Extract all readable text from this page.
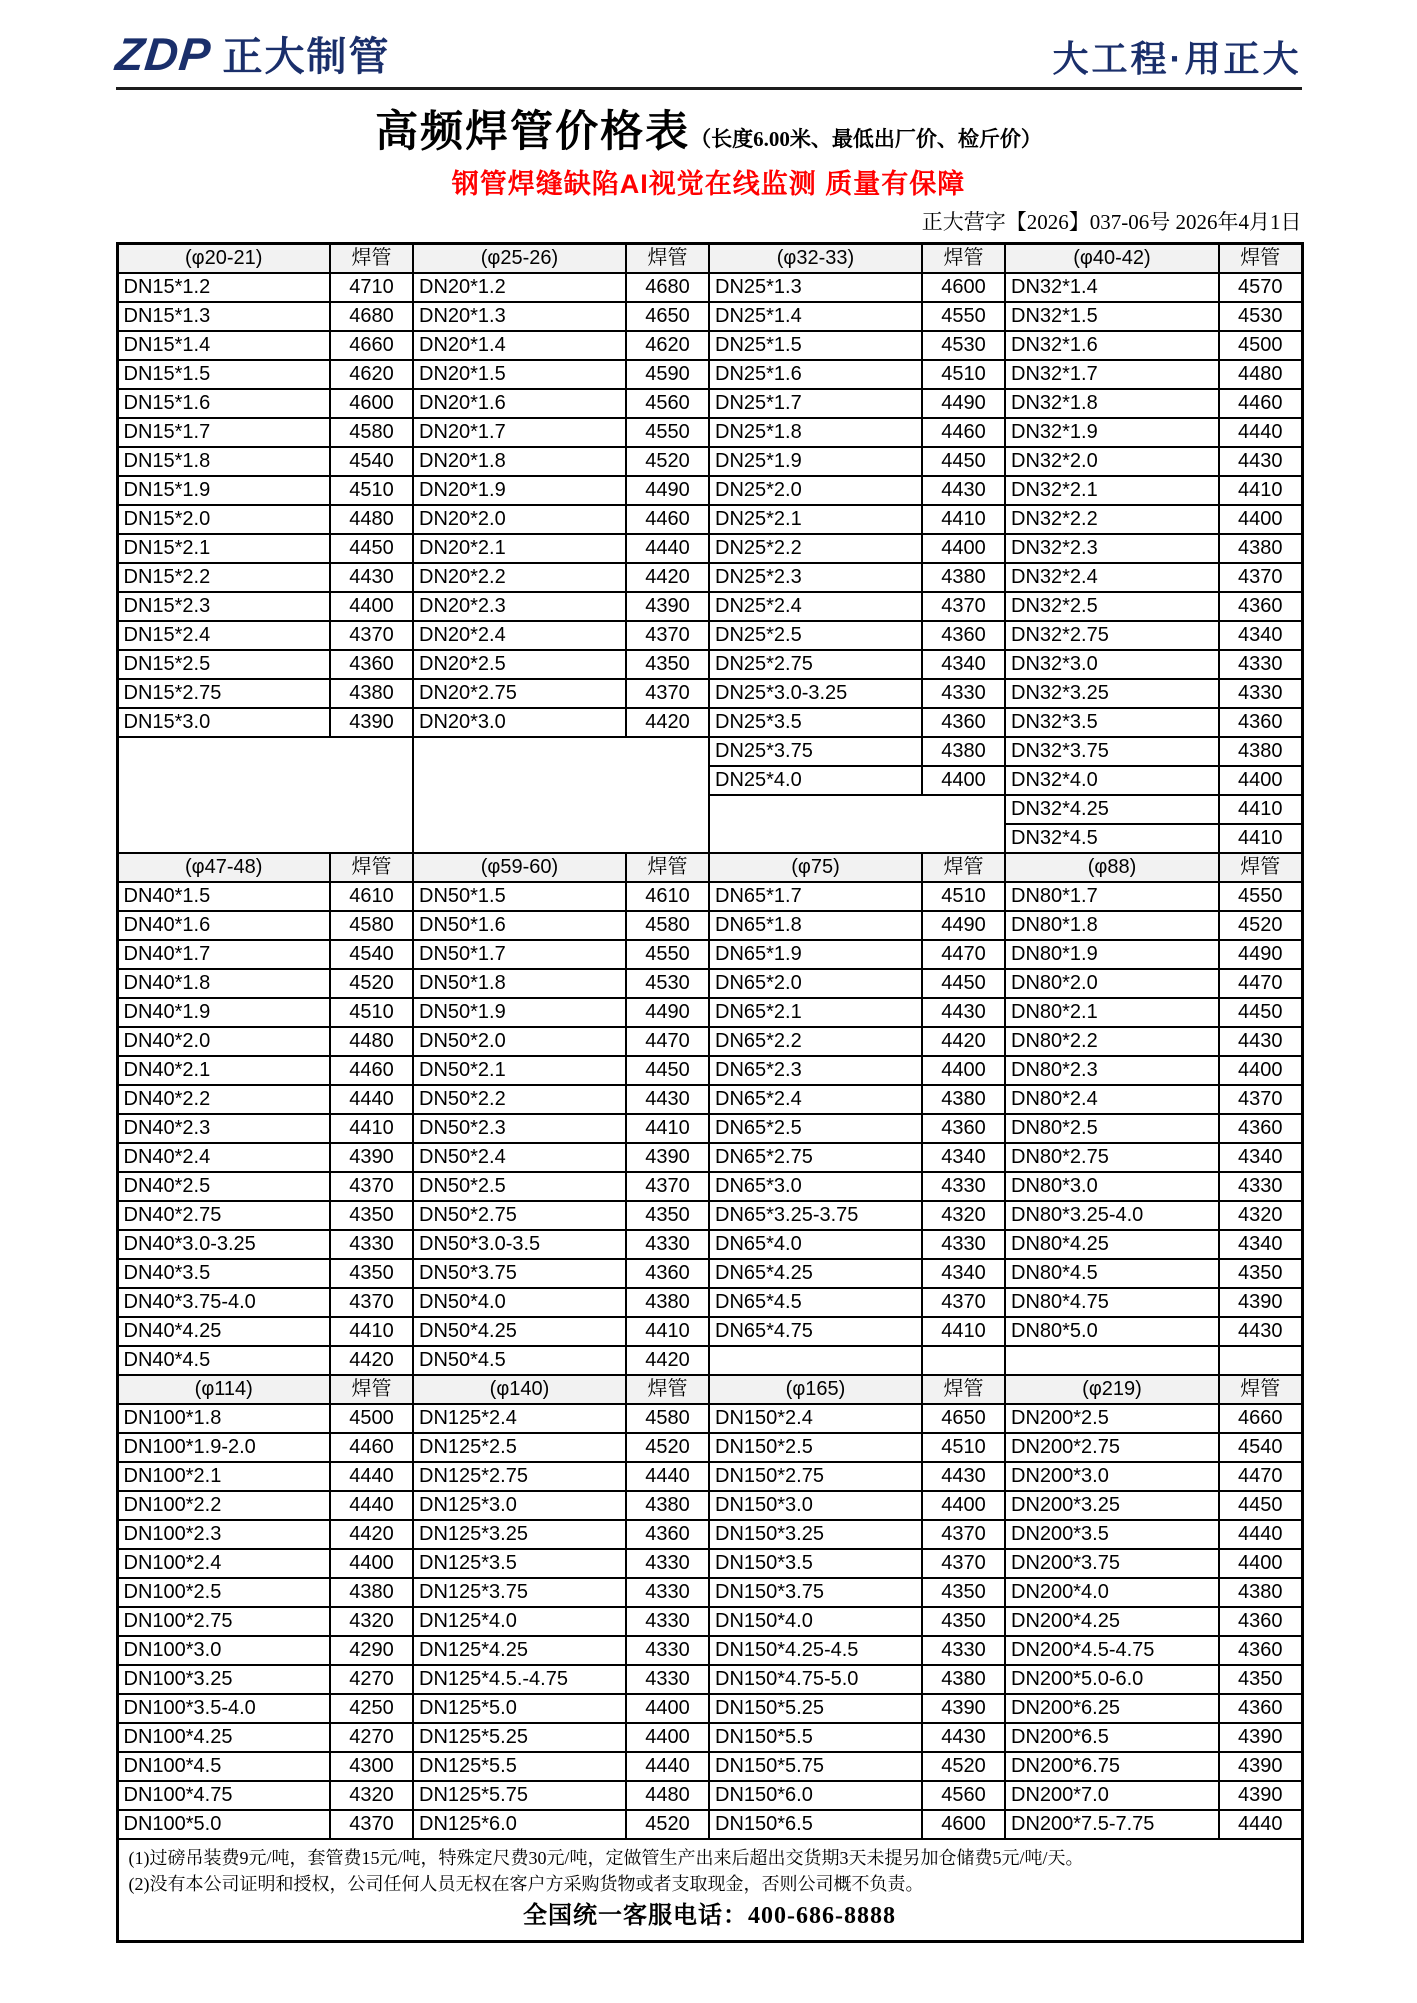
ZDP 正大制管	大工程·用正大
高频焊管价格表（长度6.00米、最低出厂价、检斤价）
钢管焊缝缺陷AI视觉在线监测 质量有保障
正大营字【2026】037-06号 2026年4月1日
(φ20-21)	焊管	(φ25-26)	焊管	(φ32-33)	焊管	(φ40-42)	焊管
DN15*1.2	4710	DN20*1.2	4680	DN25*1.3	4600	DN32*1.4	4570
DN15*1.3	4680	DN20*1.3	4650	DN25*1.4	4550	DN32*1.5	4530
DN15*1.4	4660	DN20*1.4	4620	DN25*1.5	4530	DN32*1.6	4500
DN15*1.5	4620	DN20*1.5	4590	DN25*1.6	4510	DN32*1.7	4480
DN15*1.6	4600	DN20*1.6	4560	DN25*1.7	4490	DN32*1.8	4460
DN15*1.7	4580	DN20*1.7	4550	DN25*1.8	4460	DN32*1.9	4440
DN15*1.8	4540	DN20*1.8	4520	DN25*1.9	4450	DN32*2.0	4430
DN15*1.9	4510	DN20*1.9	4490	DN25*2.0	4430	DN32*2.1	4410
DN15*2.0	4480	DN20*2.0	4460	DN25*2.1	4410	DN32*2.2	4400
DN15*2.1	4450	DN20*2.1	4440	DN25*2.2	4400	DN32*2.3	4380
DN15*2.2	4430	DN20*2.2	4420	DN25*2.3	4380	DN32*2.4	4370
DN15*2.3	4400	DN20*2.3	4390	DN25*2.4	4370	DN32*2.5	4360
DN15*2.4	4370	DN20*2.4	4370	DN25*2.5	4360	DN32*2.75	4340
DN15*2.5	4360	DN20*2.5	4350	DN25*2.75	4340	DN32*3.0	4330
DN15*2.75	4380	DN20*2.75	4370	DN25*3.0-3.25	4330	DN32*3.25	4330
DN15*3.0	4390	DN20*3.0	4420	DN25*3.5	4360	DN32*3.5	4360
				DN25*3.75	4380	DN32*3.75	4380
				DN25*4.0	4400	DN32*4.0	4400
						DN32*4.25	4410
						DN32*4.5	4410
(φ47-48)	焊管	(φ59-60)	焊管	(φ75)	焊管	(φ88)	焊管
DN40*1.5	4610	DN50*1.5	4610	DN65*1.7	4510	DN80*1.7	4550
DN40*1.6	4580	DN50*1.6	4580	DN65*1.8	4490	DN80*1.8	4520
DN40*1.7	4540	DN50*1.7	4550	DN65*1.9	4470	DN80*1.9	4490
DN40*1.8	4520	DN50*1.8	4530	DN65*2.0	4450	DN80*2.0	4470
DN40*1.9	4510	DN50*1.9	4490	DN65*2.1	4430	DN80*2.1	4450
DN40*2.0	4480	DN50*2.0	4470	DN65*2.2	4420	DN80*2.2	4430
DN40*2.1	4460	DN50*2.1	4450	DN65*2.3	4400	DN80*2.3	4400
DN40*2.2	4440	DN50*2.2	4430	DN65*2.4	4380	DN80*2.4	4370
DN40*2.3	4410	DN50*2.3	4410	DN65*2.5	4360	DN80*2.5	4360
DN40*2.4	4390	DN50*2.4	4390	DN65*2.75	4340	DN80*2.75	4340
DN40*2.5	4370	DN50*2.5	4370	DN65*3.0	4330	DN80*3.0	4330
DN40*2.75	4350	DN50*2.75	4350	DN65*3.25-3.75	4320	DN80*3.25-4.0	4320
DN40*3.0-3.25	4330	DN50*3.0-3.5	4330	DN65*4.0	4330	DN80*4.25	4340
DN40*3.5	4350	DN50*3.75	4360	DN65*4.25	4340	DN80*4.5	4350
DN40*3.75-4.0	4370	DN50*4.0	4380	DN65*4.5	4370	DN80*4.75	4390
DN40*4.25	4410	DN50*4.25	4410	DN65*4.75	4410	DN80*5.0	4430
DN40*4.5	4420	DN50*4.5	4420				
(φ114)	焊管	(φ140)	焊管	(φ165)	焊管	(φ219)	焊管
DN100*1.8	4500	DN125*2.4	4580	DN150*2.4	4650	DN200*2.5	4660
DN100*1.9-2.0	4460	DN125*2.5	4520	DN150*2.5	4510	DN200*2.75	4540
DN100*2.1	4440	DN125*2.75	4440	DN150*2.75	4430	DN200*3.0	4470
DN100*2.2	4440	DN125*3.0	4380	DN150*3.0	4400	DN200*3.25	4450
DN100*2.3	4420	DN125*3.25	4360	DN150*3.25	4370	DN200*3.5	4440
DN100*2.4	4400	DN125*3.5	4330	DN150*3.5	4370	DN200*3.75	4400
DN100*2.5	4380	DN125*3.75	4330	DN150*3.75	4350	DN200*4.0	4380
DN100*2.75	4320	DN125*4.0	4330	DN150*4.0	4350	DN200*4.25	4360
DN100*3.0	4290	DN125*4.25	4330	DN150*4.25-4.5	4330	DN200*4.5-4.75	4360
DN100*3.25	4270	DN125*4.5.-4.75	4330	DN150*4.75-5.0	4380	DN200*5.0-6.0	4350
DN100*3.5-4.0	4250	DN125*5.0	4400	DN150*5.25	4390	DN200*6.25	4360
DN100*4.25	4270	DN125*5.25	4400	DN150*5.5	4430	DN200*6.5	4390
DN100*4.5	4300	DN125*5.5	4440	DN150*5.75	4520	DN200*6.75	4390
DN100*4.75	4320	DN125*5.75	4480	DN150*6.0	4560	DN200*7.0	4390
DN100*5.0	4370	DN125*6.0	4520	DN150*6.5	4600	DN200*7.5-7.75	4440

(1)过磅吊装费9元/吨，套管费15元/吨，特殊定尺费30元/吨，定做管生产出来后超出交货期3天未提另加仓储费5元/吨/天。
(2)没有本公司证明和授权，公司任何人员无权在客户方采购货物或者支取现金，否则公司概不负责。
全国统一客服电话：400-686-8888							
